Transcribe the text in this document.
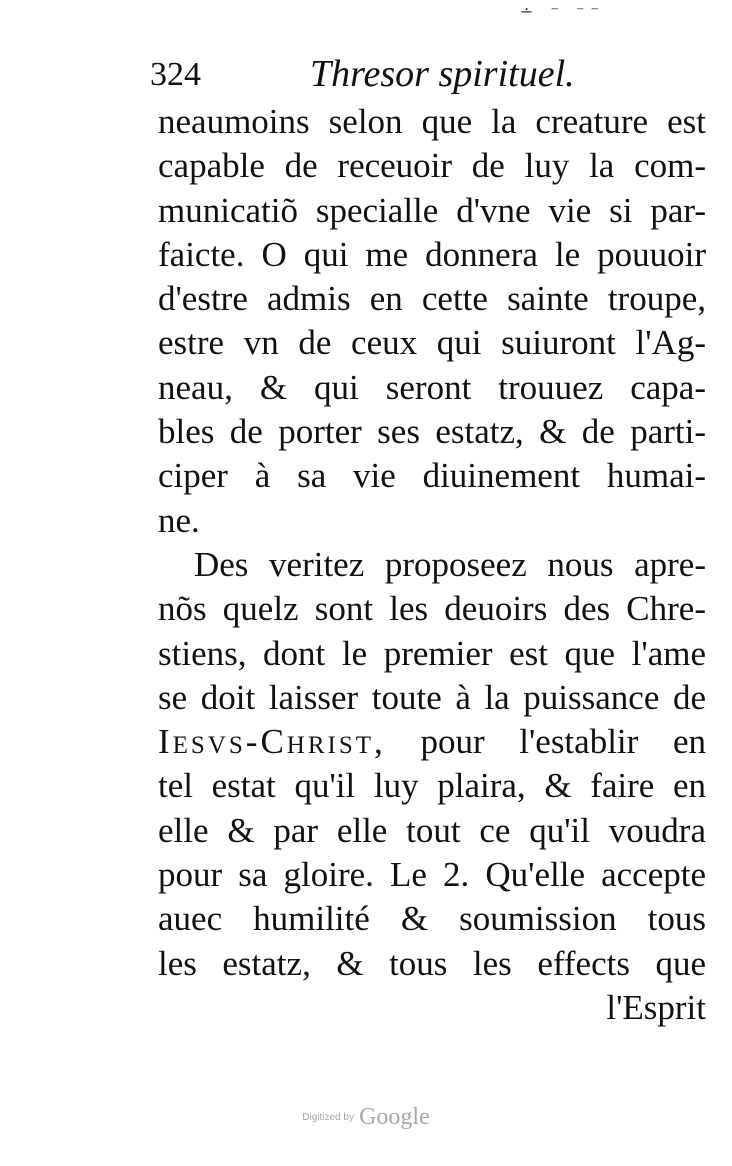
∸ ⁻ ⁻⁻
324	Thresor spirituel.
neaumoins selon que la creature est
capable de receuoir de luy la com-
municatiõ specialle d'vne vie si par-
faicte. O qui me donnera le pouuoir
d'estre admis en cette sainte troupe,
estre vn de ceux qui suiuront l'Ag-
neau, & qui seront trouuez capa-
bles de porter ses estatz, & de parti-
ciper à sa vie diuinement humai-
ne.
Des veritez proposeez nous apre-
nõs quelz sont les deuoirs des Chre-
stiens, dont le premier est que l'ame
se doit laisser toute à la puissance de
Iesvs-Christ, pour l'establir en
tel estat qu'il luy plaira, & faire en
elle & par elle tout ce qu'il voudra
pour sa gloire. Le 2. Qu'elle accepte
auec humilité & soumission tous
les estatz, & tous les effects que
l'Esprit
Digitized by Google
